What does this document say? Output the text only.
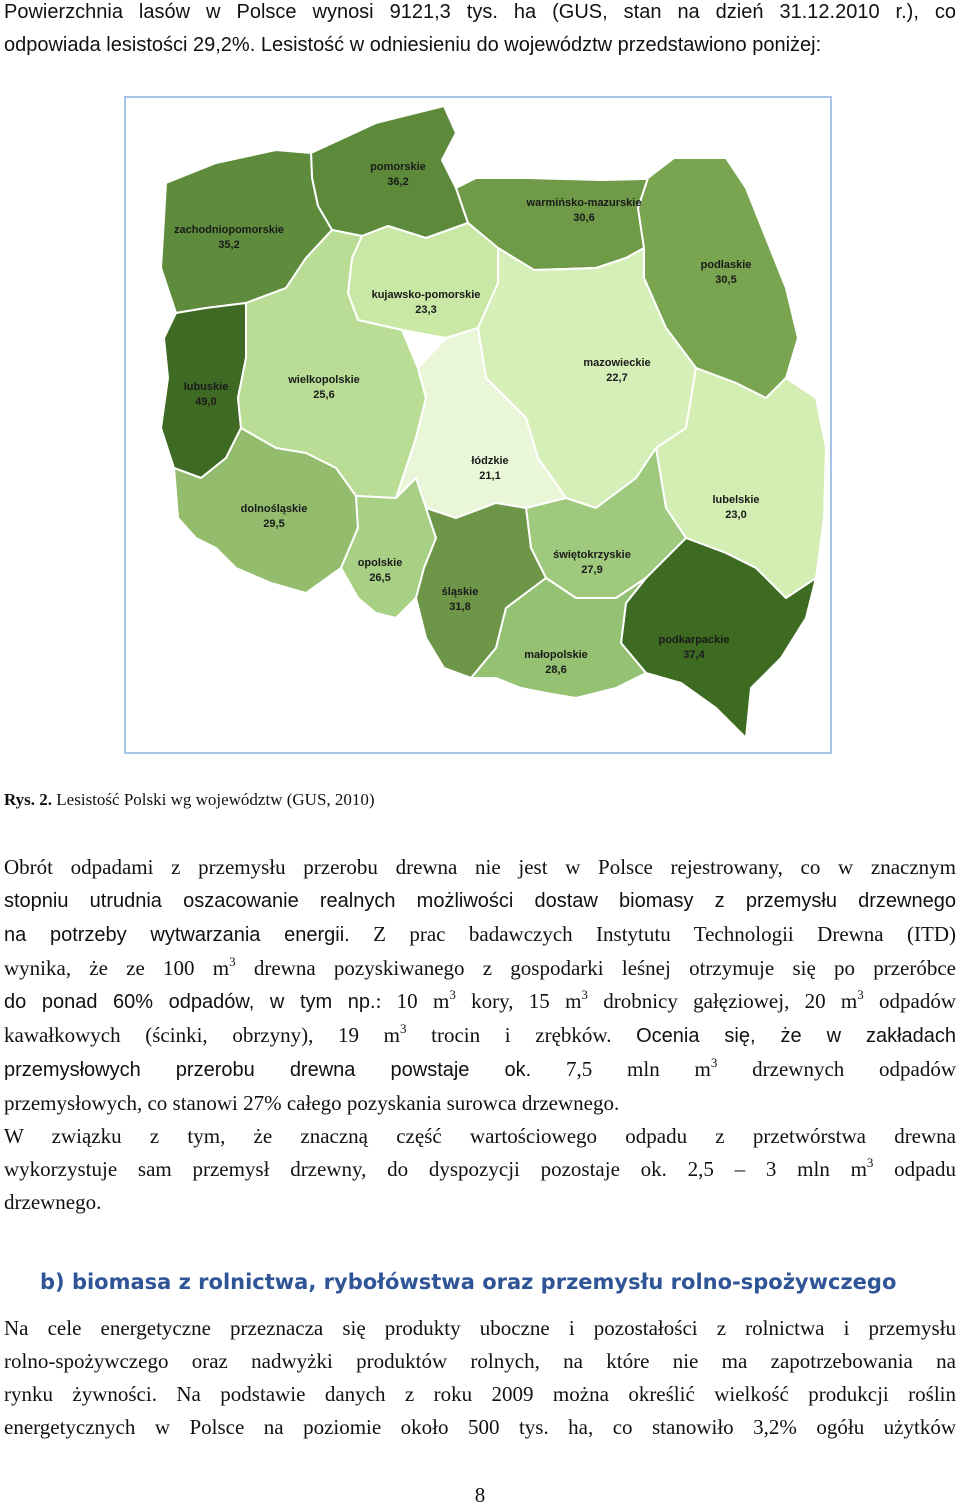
Powierzchnia lasów w Polsce wynosi 9121,3 tys. ha (GUS, stan na dzień 31.12.2010 r.), co
odpowiada lesistości 29,2%. Lesistość w odniesieniu do województw przedstawiono poniżej:

pomorskie
36,2
warmińsko-mazurskie
30,6
zachodniopomorskie
35,2
podlaskie
30,5
kujawsko-pomorskie
23,3
lubuskie
49,0
wielkopolskie
25,6
mazowieckie
22,7
łódzkie
21,1
dolnośląskie
29,5
lubelskie
23,0
opolskie
26,5
świętokrzyskie
27,9
śląskie
31,8
podkarpackie
37,4
małopolskie
28,6
Rys. 2. Lesistość Polski wg województw (GUS, 2010)

Obrót odpadami z przemysłu przerobu drewna nie jest w Polsce rejestrowany, co w znacznym
stopniu utrudnia oszacowanie realnych możliwości dostaw biomasy z przemysłu drzewnego
na potrzeby wytwarzania energii. Z prac badawczych Instytutu Technologii Drewna (ITD)
wynika, że ze 100 $m^3$ drewna pozyskiwanego z gospodarki leśnej otrzymuje się po przeróbce
do ponad 60% odpadów, w tym np.: 10 $m^3$ kory, 15 $m^3$ drobnicy gałęziowej, 20 $m^3$ odpadów
kawałkowych (ścinki, obrzyny), 19 $m^3$ trocin i zrębków. Ocenia się, że w zakładach
przemysłowych przerobu drewna powstaje ok. 7,5 mln $m^3$ drzewnych odpadów
przemysłowych, co stanowi 27% całego pozyskania surowca drzewnego.
W związku z tym, że znaczną część wartościowego odpadu z przetwórstwa drewna
wykorzystuje sam przemysł drzewny, do dyspozycji pozostaje ok. 2,5 – 3 mln $m^3$ odpadu
drzewnego.

b) biomasa z rolnictwa, rybołówstwa oraz przemysłu rolno-spożywczego

Na cele energetyczne przeznacza się produkty uboczne i pozostałości z rolnictwa i przemysłu
rolno-spożywczego oraz nadwyżki produktów rolnych, na które nie ma zapotrzebowania na
rynku żywności. Na podstawie danych z roku 2009 można określić wielkość produkcji roślin
energetycznych w Polsce na poziomie około 500 tys. ha, co stanowiło 3,2% ogółu użytków

8
